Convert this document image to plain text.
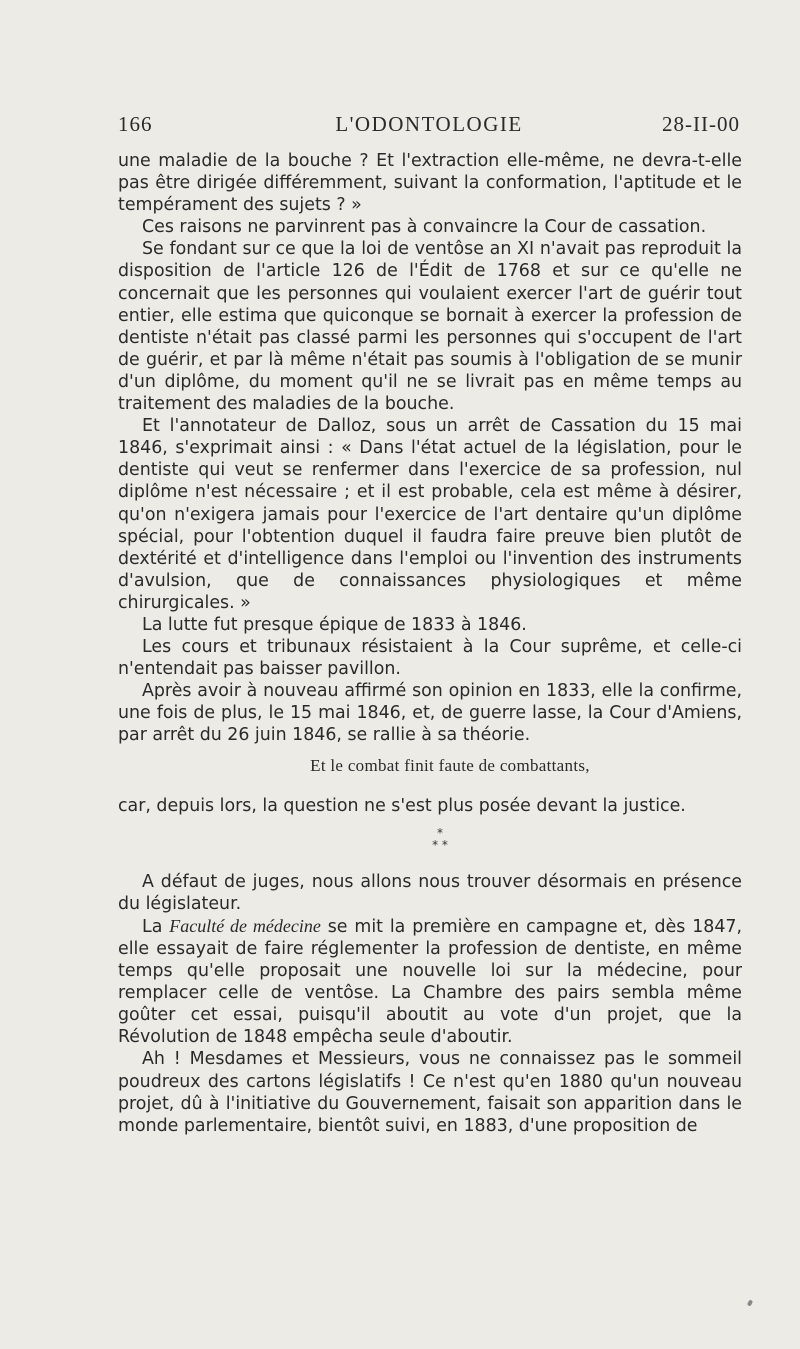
166	L'ODONTOLOGIE	28-II-00

une maladie de la bouche ? Et l'extraction elle-même, ne devra-t-elle pas être dirigée différemment, suivant la conformation, l'aptitude et le tempérament des sujets ? »

Ces raisons ne parvinrent pas à convaincre la Cour de cassation.

Se fondant sur ce que la loi de ventôse an XI n'avait pas reproduit la disposition de l'article 126 de l'Édit de 1768 et sur ce qu'elle ne concernait que les personnes qui voulaient exercer l'art de guérir tout entier, elle estima que quiconque se bornait à exercer la profession de dentiste n'était pas classé parmi les personnes qui s'occupent de l'art de guérir, et par là même n'était pas soumis à l'obligation de se munir d'un diplôme, du moment qu'il ne se livrait pas en même temps au traitement des maladies de la bouche.

Et l'annotateur de Dalloz, sous un arrêt de Cassation du 15 mai 1846, s'exprimait ainsi : « Dans l'état actuel de la législation, pour le dentiste qui veut se renfermer dans l'exercice de sa profession, nul diplôme n'est nécessaire ; et il est probable, cela est même à désirer, qu'on n'exigera jamais pour l'exercice de l'art dentaire qu'un diplôme spécial, pour l'obtention duquel il faudra faire preuve bien plutôt de dextérité et d'intelligence dans l'emploi ou l'invention des instruments d'avulsion, que de connaissances physiologiques et même chirurgicales. »

La lutte fut presque épique de 1833 à 1846.

Les cours et tribunaux résistaient à la Cour suprême, et celle-ci n'entendait pas baisser pavillon.

Après avoir à nouveau affirmé son opinion en 1833, elle la confirme, une fois de plus, le 15 mai 1846, et, de guerre lasse, la Cour d'Amiens, par arrêt du 26 juin 1846, se rallie à sa théorie.

Et le combat finit faute de combattants,

car, depuis lors, la question ne s'est plus posée devant la justice.

*
* *

A défaut de juges, nous allons nous trouver désormais en présence du législateur.

La Faculté de médecine se mit la première en campagne et, dès 1847, elle essayait de faire réglementer la profession de dentiste, en même temps qu'elle proposait une nouvelle loi sur la médecine, pour remplacer celle de ventôse. La Chambre des pairs sembla même goûter cet essai, puisqu'il aboutit au vote d'un projet, que la Révolution de 1848 empêcha seule d'aboutir.

Ah ! Mesdames et Messieurs, vous ne connaissez pas le sommeil poudreux des cartons législatifs ! Ce n'est qu'en 1880 qu'un nouveau projet, dû à l'initiative du Gouvernement, faisait son apparition dans le monde parlementaire, bientôt suivi, en 1883, d'une proposition de
